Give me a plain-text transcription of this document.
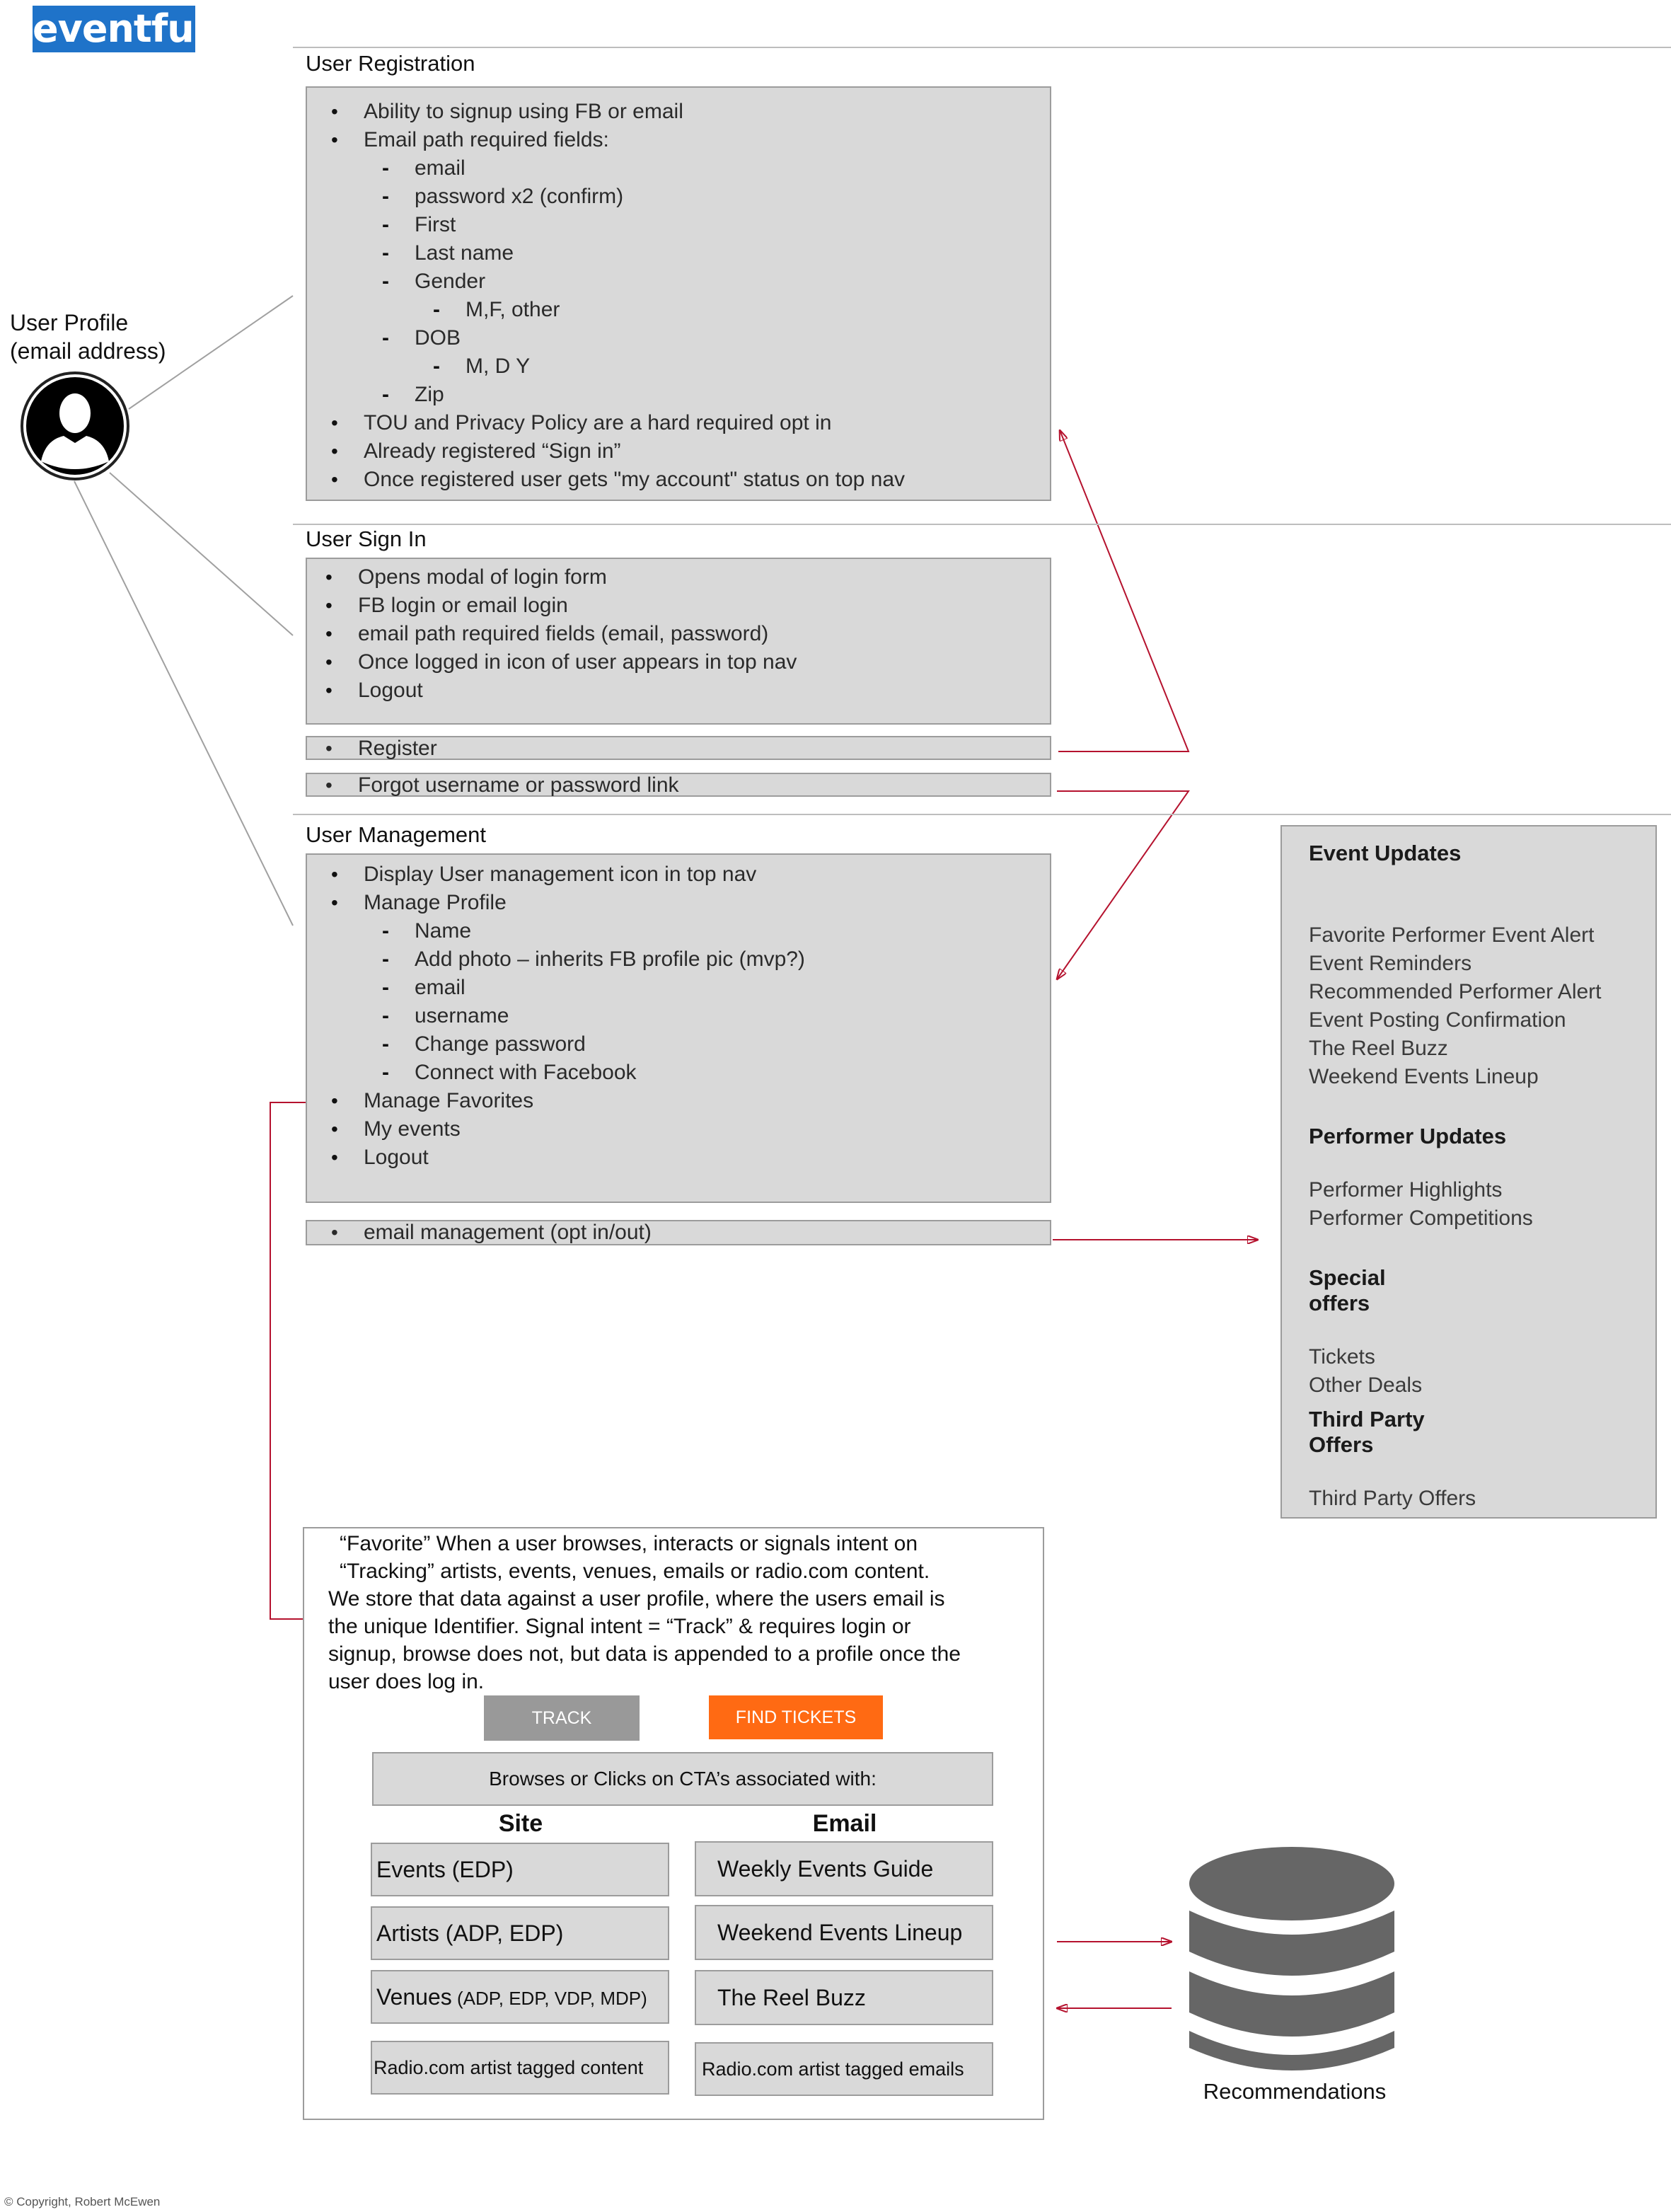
eventful
User Profile
(email address)
User Registration
• Ability to signup using FB or email
• Email path required fields:
- email
- password x2 (confirm)
- First
- Last name
- Gender
- M,F, other
- DOB
- M, D Y
- Zip
• TOU and Privacy Policy are a hard required opt in
• Already registered “Sign in”
• Once registered user gets "my account" status on top nav
User Sign In
• Opens modal of login form
• FB login or email login
• email path required fields (email, password)
• Once logged in icon of user appears in top nav
• Logout
• Register
• Forgot username or password link
User Management
• Display User management icon in top nav
• Manage Profile
- Name
- Add photo – inherits FB profile pic (mvp?)
- email
- username
- Change password
- Connect with Facebook
• Manage Favorites
• My events
• Logout
• email management (opt in/out)
Event Updates
Favorite Performer Event Alert
Event Reminders
Recommended Performer Alert
Event Posting Confirmation
The Reel Buzz
Weekend Events Lineup
Performer Updates
Performer Highlights
Performer Competitions
Special offers
Tickets
Other Deals
Third Party Offers
Third Party Offers
“Favorite” When a user browses, interacts or signals intent on
“Tracking” artists, events, venues, emails or radio.com content.
We store that data against a user profile, where the users email is
the unique Identifier. Signal intent = “Track” & requires login or
signup, browse does not, but data is appended to a profile once the
user does log in.
TRACK	FIND TICKETS
Browses or Clicks on CTA’s associated with:
Site	Email
Events (EDP)
Artists (ADP, EDP)
Venues (ADP, EDP, VDP, MDP)
Radio.com artist tagged content
Weekly Events Guide
Weekend Events Lineup
The Reel Buzz
Radio.com artist tagged emails
Recommendations
© Copyright, Robert McEwen
